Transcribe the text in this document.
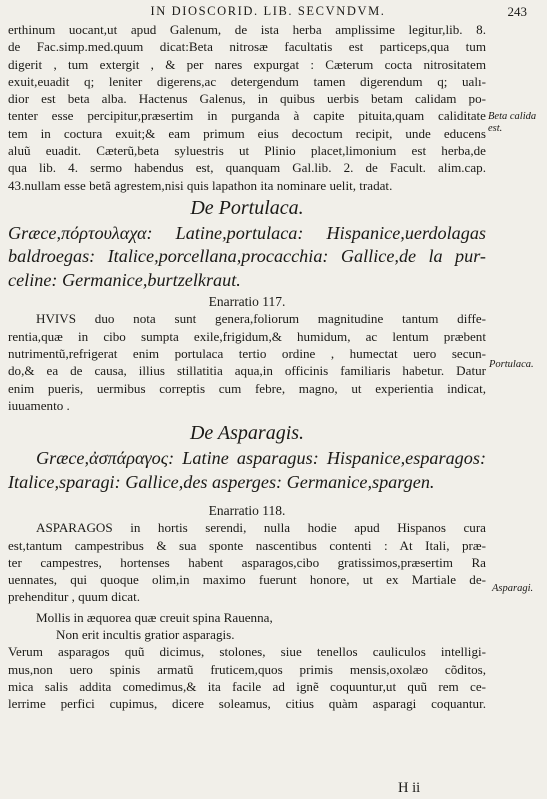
IN DIOSCORID. LIB. SECVNDVM.	243
Beta calida est.
Portulaca.
Asparagi.
erthinum uocant,ut apud Galenum, de ista herba amplissime legitur,lib. 8.
de Fac.simp.med.quum dicat:Beta nitrosæ facultatis est particeps,qua tum
digerit , tum extergit , & per nares expurgat : Cæterum cocta nitrositatem
exuit,euadit q; leniter digerens,ac detergendum tamen digerendum q; ualı-
dior est beta alba. Hactenus Galenus, in quibus uerbis betam calidam po-
tenter esse percipitur,præsertim in purganda à capite pituita,quam caliditate
tem in coctura exuit;& eam primum eius decoctum recipit, unde educens
aluũ euadit. Cæterũ,beta syluestris ut Plinio placet,limonium est herba,de
qua lib. 4. sermo habendus est, quanquam Gal.lib. 2. de Facult. alim.cap.
43.nullam esse betã agrestem,nisi quis lapathon ita nominare uelit, tradat.
De Portulaca.
Græce,πόρτουλαχα: Latine,portulaca: Hispanice,uerdolagas
baldroegas: Italice,porcellana,procacchia: Gallice,de la pur-
celine: Germanice,burtzelkraut.
Enarratio 117.
HVIVS duo nota sunt genera,foliorum magnitudine tantum diffe-
rentia,quæ in cibo sumpta exile,frigidum,& humidum, ac lentum præbent
nutrimentũ,refrigerat enim portulaca tertio ordine , humectat uero secun-
do,& ea de causa, illius stillatitia aqua,in officinis familiaris habetur. Datur
enim pueris, uermibus correptis cum febre, magno, ut experientia indicat,
iuuamento .
De Asparagis.
Græce,ἀσπάραγος: Latine asparagus: Hispanice,esparagos:
Italice,sparagi: Gallice,des asperges: Germanice,spargen.
Enarratio 118.
ASPARAGOS in hortis serendi, nulla hodie apud Hispanos cura
est,tantum campestribus & sua sponte nascentibus contenti : At Itali, præ-
ter campestres, hortenses habent asparagos,cibo gratissimos,præsertim Ra
uennates, qui quoque olim,in maximo fuerunt honore, ut ex Martiale de-
prehenditur , quum dicat.
Mollis in æquorea quæ creuit spina Rauenna,
Non erit incultis gratior asparagis.
Verum asparagos quũ dicimus, stolones, siue tenellos cauliculos intelligi-
mus,non uero spinis armatũ fruticem,quos primis mensis,oxolæo cõditos,
mica salis addita comedimus,& ita facile ad ignẽ coquuntur,ut quũ rem ce-
lerrime perfici cupimus, dicere soleamus, citius quàm asparagi coquantur.
H ii
